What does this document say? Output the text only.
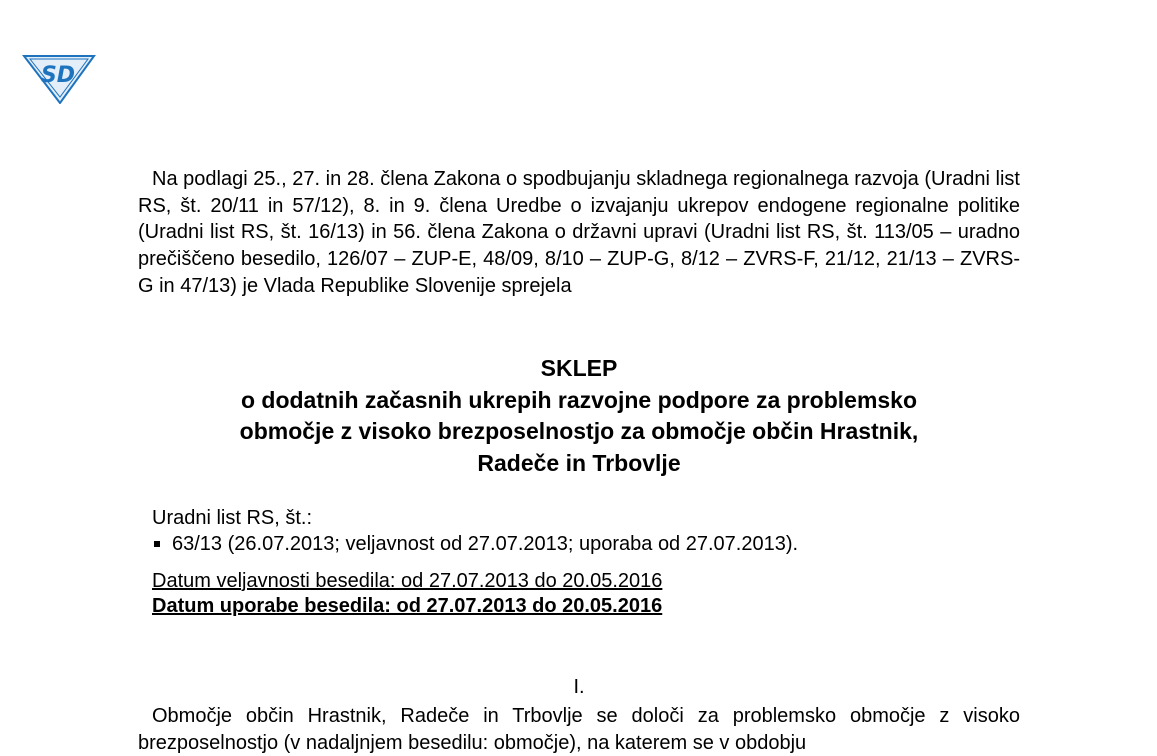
SD
Na podlagi 25., 27. in 28. člena Zakona o spodbujanju skladnega regionalnega razvoja (Uradni list RS, št. 20/11 in 57/12), 8. in 9. člena Uredbe o izvajanju ukrepov endogene regionalne politike (Uradni list RS, št. 16/13) in 56. člena Zakona o državni upravi (Uradni list RS, št. 113/05 – uradno prečiščeno besedilo, 126/07 – ZUP-E, 48/09, 8/10 – ZUP-G, 8/12 – ZVRS-F, 21/12, 21/13 – ZVRS-G in 47/13) je Vlada Republike Slovenije sprejela
SKLEP
o dodatnih začasnih ukrepih razvojne podpore za problemsko
območje z visoko brezposelnostjo za območje občin Hrastnik,
Radeče in Trbovlje
Uradni list RS, št.:
63/13 (26.07.2013; veljavnost od 27.07.2013; uporaba od 27.07.2013).
Datum veljavnosti besedila: od 27.07.2013 do 20.05.2016
Datum uporabe besedila: od 27.07.2013 do 20.05.2016
I.
Območje občin Hrastnik, Radeče in Trbovlje se določi za problemsko območje z visoko brezposelnostjo (v nadaljnjem besedilu: območje), na katerem se v obdobju
